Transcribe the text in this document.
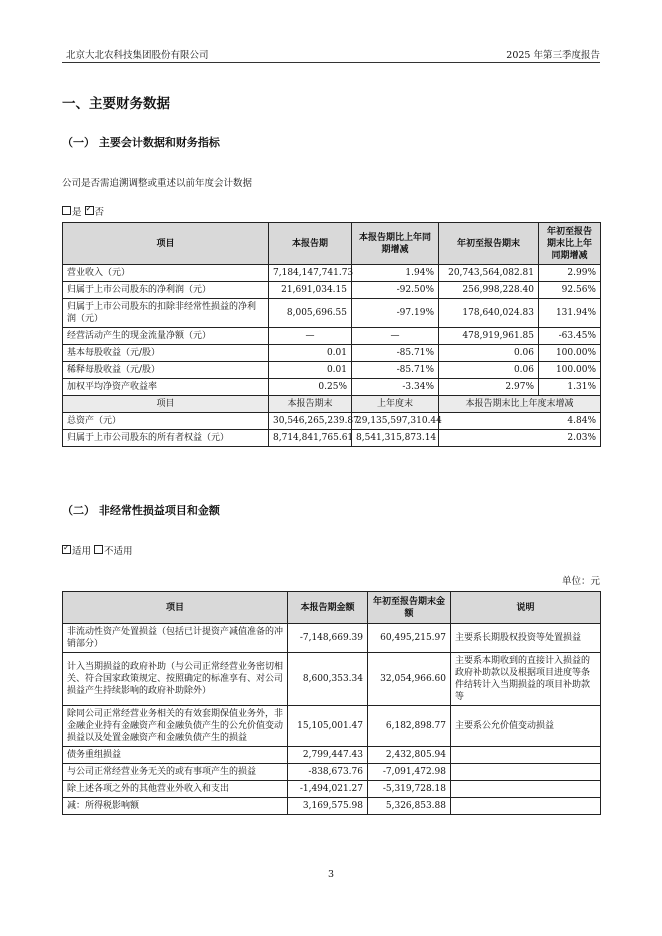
北京大北农科技集团股份有限公司	2025 年第三季度报告
一、主要财务数据
（一） 主要会计数据和财务指标
公司是否需追溯调整或重述以前年度会计数据
是 ✓ 否
项目	本报告期	本报告期比上年同期增减	年初至报告期末	年初至报告期末比上年同期增减
营业收入（元）	7,184,147,741.73	1.94%	20,743,564,082.81	2.99%
归属于上市公司股东的净利润（元）	21,691,034.15	-92.50%	256,998,228.40	92.56%
归属于上市公司股东的扣除非经常性损益的净利润（元）	8,005,696.55	-97.19%	178,640,024.83	131.94%
经营活动产生的现金流量净额（元）	—	—	478,919,961.85	-63.45%
基本每股收益（元/股）	0.01	-85.71%	0.06	100.00%
稀释每股收益（元/股）	0.01	-85.71%	0.06	100.00%
加权平均净资产收益率	0.25%	-3.34%	2.97%	1.31%
项目	本报告期末	上年度末	本报告期末比上年度末增减	
总资产（元）	30,546,265,239.87	29,135,597,310.44	4.84%	
归属于上市公司股东的所有者权益（元）	8,714,841,765.61	8,541,315,873.14	2.03%	
（二） 非经常性损益项目和金额
✓适用 不适用
单位：元
项目	本报告期金额	年初至报告期末金额	说明
非流动性资产处置损益（包括已计提资产减值准备的冲销部分）	-7,148,669.39	60,495,215.97	主要系长期股权投资等处置损益
计入当期损益的政府补助（与公司正常经营业务密切相关、符合国家政策规定、按照确定的标准享有、对公司损益产生持续影响的政府补助除外）	8,600,353.34	32,054,966.60	主要系本期收到的直接计入损益的政府补助款以及根据项目进度等条件结转计入当期损益的项目补助款等
除同公司正常经营业务相关的有效套期保值业务外，非金融企业持有金融资产和金融负债产生的公允价值变动损益以及处置金融资产和金融负债产生的损益	15,105,001.47	6,182,898.77	主要系公允价值变动损益
债务重组损益	2,799,447.43	2,432,805.94	
与公司正常经营业务无关的或有事项产生的损益	-838,673.76	-7,091,472.98	
除上述各项之外的其他营业外收入和支出	-1,494,021.27	-5,319,728.18	
减：所得税影响额	3,169,575.98	5,326,853.88	
3
